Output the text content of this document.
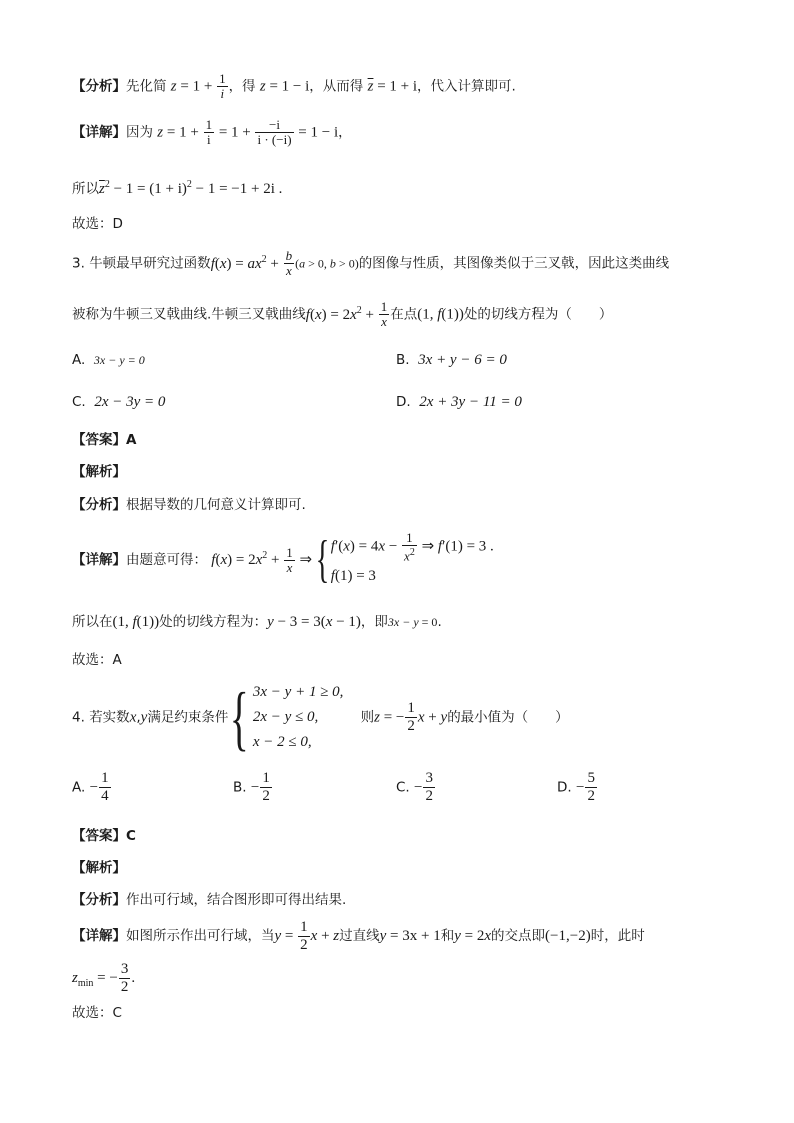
【分析】先化简 $z = 1 + \frac{1}{i}$ ，得 z = 1 − i，从而得 $\overline{z} = 1 + i$，代入计算即可.
【详解】因为 $z = 1 + \frac{1}{i} = 1 + \frac{-i}{i \cdot (-i)} = 1 - i$，
所以$\overline{z}^2 - 1 = (1 + i)^2 - 1 = -1 + 2i$ .
故选：D
3. 牛顿最早研究过函数$f(x) = ax^2 + \frac{b}{x} (a > 0$, b > 0)的图像与性质，其图像类似于三叉戟，因此这类曲线
被称为牛顿三叉戟曲线.牛顿三叉戟曲线$f(x) = 2x^2 + \frac{1}{x}$ 在点(1, f(1))处的切线方程为（　　）
A. 3x − y = 0	B. 3x + y − 6 = 0
C. 2x − 3y = 0	D. 2x + 3y − 11 = 0
【答案】A
【解析】
【分析】根据导数的几何意义计算即可.
【详解】由题意可得： $f(x) = 2x^2 + \frac{1}{x}$ ⇒ { $f'(x) = 4x - \frac{1}{x^2}$ ⇒ f′(1) = 3 .
f(1) = 3
所以在(1, f(1))处的切线方程为：y − 3 = 3(x − 1)，即3x − y = 0.
故选：A
4. 若实数x,y满足约束条件{ 3x − y + 1 ≥ 0,
2x − y ≤ 0,
x − 2 ≤ 0,
则z = − $\frac{1}{2}$ x + y的最小值为（　　）
A. − $\frac{1}{4}$	B. − $\frac{1}{2}$	C. − $\frac{3}{2}$	D. − $\frac{5}{2}$
【答案】C
【解析】
【分析】作出可行域，结合图形即可得出结果.
【详解】如图所示作出可行域，当$y = \frac{1}{2}$ x + z过直线y = 3x + 1和y = 2x的交点即(−1,−2)时，此时
$z_{min}$ = − $\frac{3}{2}$ .
故选：C
